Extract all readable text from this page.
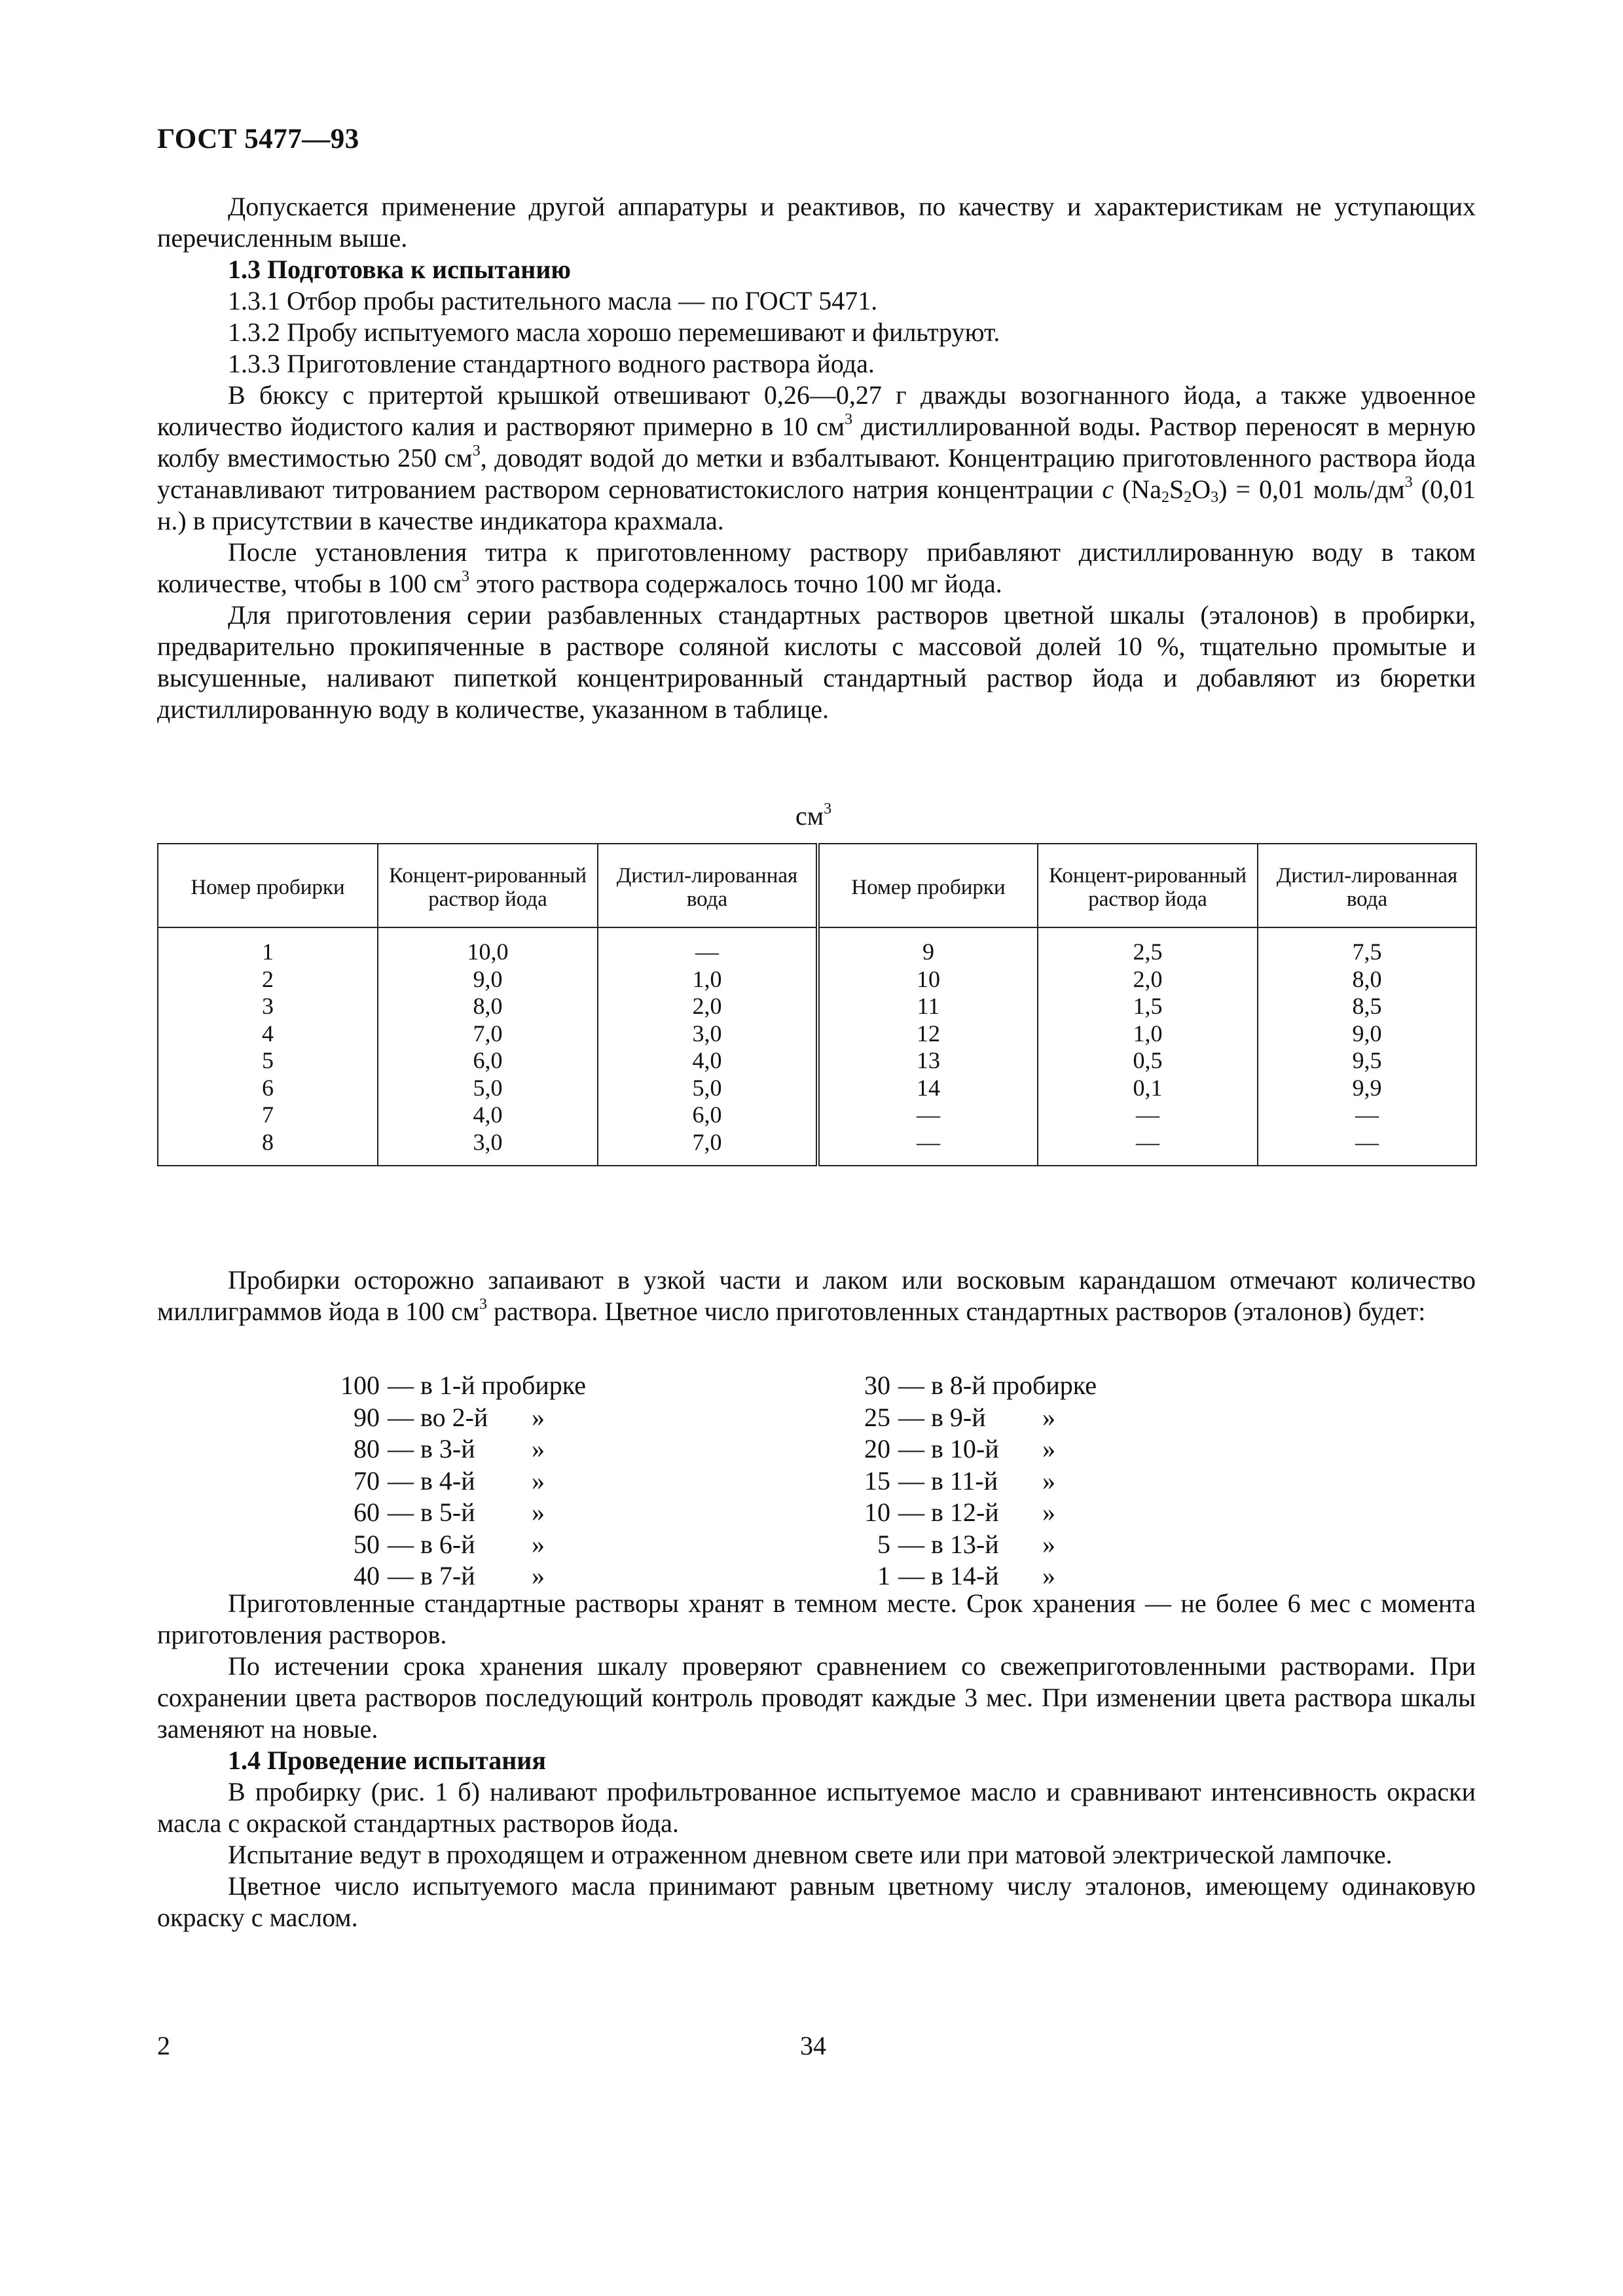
ГОСТ 5477—93

Допускается применение другой аппаратуры и реактивов, по качеству и характеристикам не уступающих перечисленным выше.

1.3 Подготовка к испытанию

1.3.1 Отбор пробы растительного масла — по ГОСТ 5471.

1.3.2 Пробу испытуемого масла хорошо перемешивают и фильтруют.

1.3.3 Приготовление стандартного водного раствора йода.

В бюксу с притертой крышкой отвешивают 0,26—0,27 г дважды возогнанного йода, а также удвоенное количество йодистого калия и растворяют примерно в 10 $см^3$ дистиллированной воды. Раствор переносят в мерную колбу вместимостью 250 $см^3$, доводят водой до метки и взбалтывают. Концентрацию приготовленного раствора йода устанавливают титрованием раствором серноватистокислого натрия концентрации c $(Na_2S_2O_3) = 0,01$ моль/$дм^3$ (0,01 н.) в присутствии в качестве индикатора крахмала.

После установления титра к приготовленному раствору прибавляют дистиллированную воду в таком количестве, чтобы в 100 $см^3$ этого раствора содержалось точно 100 мг йода.

Для приготовления серии разбавленных стандартных растворов цветной шкалы (эталонов) в пробирки, предварительно прокипяченные в растворе соляной кислоты с массовой долей 10 %, тщательно промытые и высушенные, наливают пипеткой концентрированный стандартный раствор йода и добавляют из бюретки дистиллированную воду в количестве, указанном в таблице.

$см^3$
Номер пробирки	Концент-рированный раствор йода	Дистил-лированная вода	Номер пробирки	Концент-рированный раствор йода	Дистил-лированная вода
1	10,0	—	9	2,5	7,5
2	9,0	1,0	10	2,0	8,0
3	8,0	2,0	11	1,5	8,5
4	7,0	3,0	12	1,0	9,0
5	6,0	4,0	13	0,5	9,5
6	5,0	5,0	14	0,1	9,9
7	4,0	6,0	—	—	—
8	3,0	7,0	—	—	—

Пробирки осторожно запаивают в узкой части и лаком или восковым карандашом отмечают количество миллиграммов йода в 100 $см^3$ раствора. Цветное число приготовленных стандартных растворов (эталонов) будет:

100 — в 1-й пробирке
90 — во 2-й »
80 — в 3-й »
70 — в 4-й »
60 — в 5-й »
50 — в 6-й »
40 — в 7-й »
30 — в 8-й пробирке
25 — в 9-й »
20 — в 10-й »
15 — в 11-й »
10 — в 12-й »
5 — в 13-й »
1 — в 14-й »

Приготовленные стандартные растворы хранят в темном месте. Срок хранения — не более 6 мес с момента приготовления растворов.

По истечении срока хранения шкалу проверяют сравнением со свежеприготовленными растворами. При сохранении цвета растворов последующий контроль проводят каждые 3 мес. При изменении цвета раствора шкалы заменяют на новые.

1.4 Проведение испытания

В пробирку (рис. 1 б) наливают профильтрованное испытуемое масло и сравнивают интенсивность окраски масла с окраской стандартных растворов йода.

Испытание ведут в проходящем и отраженном дневном свете или при матовой электрической лампочке.

Цветное число испытуемого масла принимают равным цветному числу эталонов, имеющему одинаковую окраску с маслом.

2	34
